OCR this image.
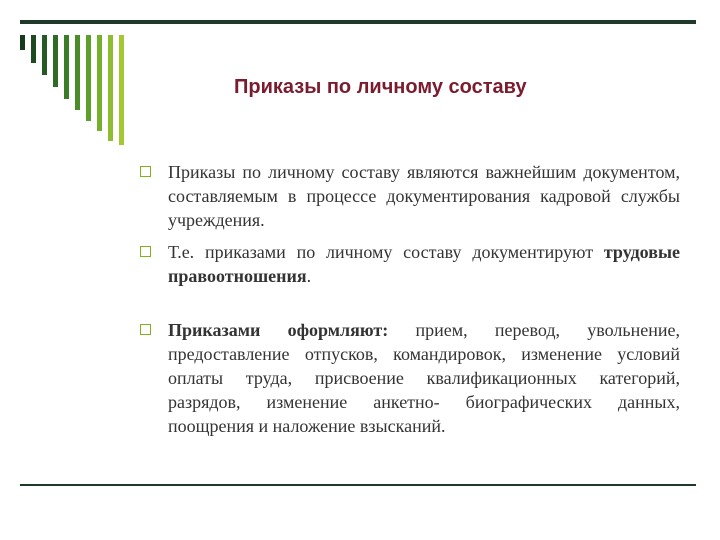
Приказы по личному составу
Приказы по личному составу являются важнейшим документом, составляемым в процессе документирования кадровой службы учреждения.
Т.е. приказами по личному составу документируют трудовые правоотношения.
Приказами оформляют: прием, перевод, увольнение, предоставление отпусков, командировок, изменение условий оплаты труда, присвоение квалификационных категорий, разрядов, изменение анкетно- биографических данных, поощрения и наложение взысканий.
